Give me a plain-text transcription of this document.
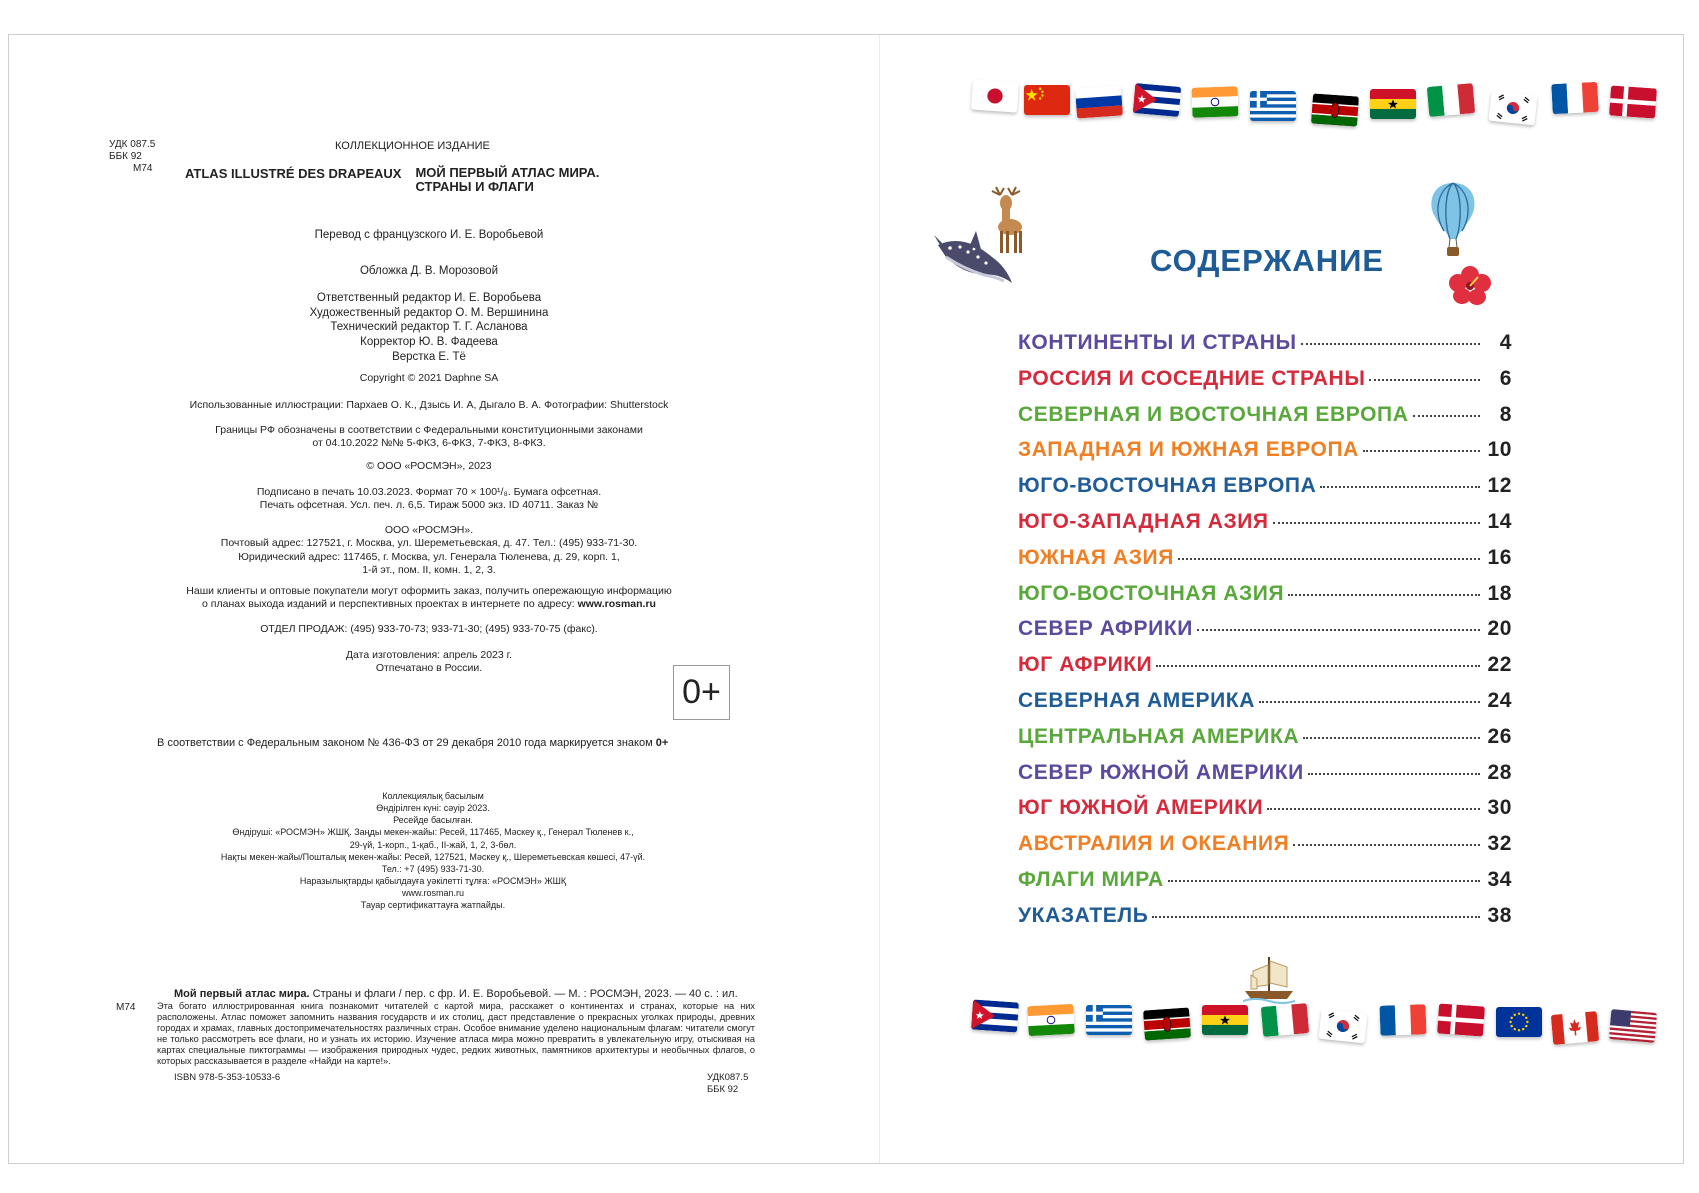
УДК 087.5
ББК 92
М74
КОЛЛЕКЦИОННОЕ ИЗДАНИЕ
ATLAS ILLUSTRÉ DES DRAPEAUX МОЙ ПЕРВЫЙ АТЛАС МИРА.
СТРАНЫ И ФЛАГИ
Перевод с французского И. Е. Воробьевой
Обложка Д. В. Морозовой
Ответственный редактор И. Е. Воробьева
Художественный редактор О. М. Вершинина
Технический редактор Т. Г. Асланова
Корректор Ю. В. Фадеева
Верстка Е. Тё
Copyright © 2021 Daphne SA
Использованные иллюстрации: Пархаев О. К., Дзысь И. А, Дыгало В. А. Фотографии: Shutterstock
Границы РФ обозначены в соответствии с Федеральными конституционными законами
от 04.10.2022 №№ 5-ФКЗ, 6-ФКЗ, 7-ФКЗ, 8-ФКЗ.
© ООО «РОСМЭН», 2023
Подписано в печать 10.03.2023. Формат 70 × 100¹/₈. Бумага офсетная.
Печать офсетная. Усл. печ. л. 6,5. Тираж 5000 экз. ID 40711. Заказ №
ООО «РОСМЭН».
Почтовый адрес: 127521, г. Москва, ул. Шереметьевская, д. 47. Тел.: (495) 933-71-30.
Юридический адрес: 117465, г. Москва, ул. Генерала Тюленева, д. 29, корп. 1,
1-й эт., пом. II, комн. 1, 2, 3.
Наши клиенты и оптовые покупатели могут оформить заказ, получить опережающую информацию
о планах выхода изданий и перспективных проектах в интернете по адресу: www.rosman.ru
ОТДЕЛ ПРОДАЖ: (495) 933-70-73; 933-71-30; (495) 933-70-75 (факс).
Дата изготовления: апрель 2023 г.
Отпечатано в России.
0+
В соответствии с Федеральным законом № 436-ФЗ от 29 декабря 2010 года маркируется знаком 0+
Коллекциялық басылым
Өндірілген күні: сәуір 2023.
Ресейде басылған.
Өндіруші: «РОСМЭН» ЖШҚ. Заңды мекен-жайы: Ресей, 117465, Мәскеу қ., Генерал Тюленев к.,
29-үй, 1-корп., 1-қаб., II-жай, 1, 2, 3-бөл.
Нақты мекен-жайы/Пошталық мекен-жайы: Ресей, 127521, Мәскеу қ., Шереметьевская көшесі, 47-үй.
Тел.: +7 (495) 933-71-30.
Наразылықтарды қабылдауға уәкілетті тұлға: «РОСМЭН» ЖШҚ
www.rosman.ru
Тауар сертификаттауға жатпайды.
Мой первый атлас мира. Страны и флаги / пер. с фр. И. Е. Воробьевой. — М. : РОСМЭН, 2023. — 40 с. : ил.
М74 Эта богато иллюстрированная книга познакомит читателей с картой мира, расскажет о континентах и странах, которые на них расположены. Атлас поможет запомнить названия государств и их столиц, даст представление о прекрасных уголках природы, древних городах и храмах, главных достопримечательностях различных стран. Особое внимание уделено национальным флагам: читатели смогут не только рассмотреть все флаги, но и узнать их историю. Изучение атласа мира можно превратить в увлекательную игру, отыскивая на картах специальные пиктограммы — изображения природных чудес, редких животных, памятников архитектуры и необычных флагов, о которых рассказывается в разделе «Найди на карте!».
ISBN 978-5-353-10533-6	УДК087.5
ББК 92
СОДЕРЖАНИЕ
КОНТИНЕНТЫ И СТРАНЫ	4
РОССИЯ И СОСЕДНИЕ СТРАНЫ	6
СЕВЕРНАЯ И ВОСТОЧНАЯ ЕВРОПА	8
ЗАПАДНАЯ И ЮЖНАЯ ЕВРОПА	10
ЮГО-ВОСТОЧНАЯ ЕВРОПА	12
ЮГО-ЗАПАДНАЯ АЗИЯ	14
ЮЖНАЯ АЗИЯ	16
ЮГО-ВОСТОЧНАЯ АЗИЯ	18
СЕВЕР АФРИКИ	20
ЮГ АФРИКИ	22
СЕВЕРНАЯ АМЕРИКА	24
ЦЕНТРАЛЬНАЯ АМЕРИКА	26
СЕВЕР ЮЖНОЙ АМЕРИКИ	28
ЮГ ЮЖНОЙ АМЕРИКИ	30
АВСТРАЛИЯ И ОКЕАНИЯ	32
ФЛАГИ МИРА	34
УКАЗАТЕЛЬ	38
